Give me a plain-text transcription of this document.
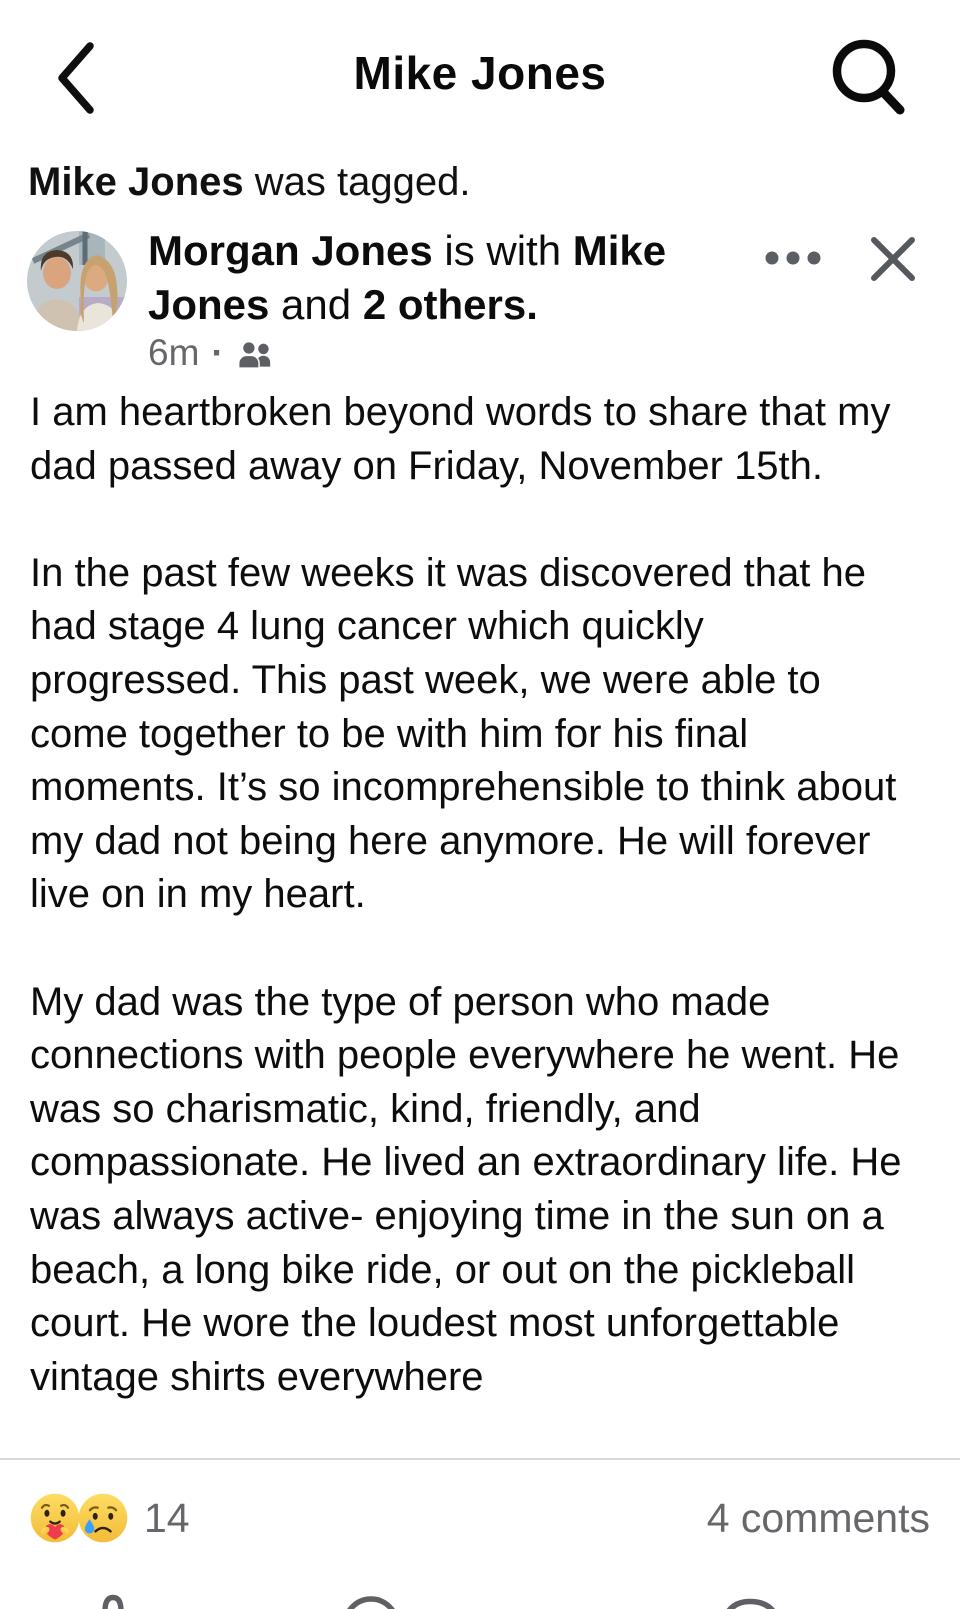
Mike Jones
Mike Jones was tagged.
Morgan Jones is with Mike Jones and 2 others.
6m ·

I am heartbroken beyond words to share that my dad passed away on Friday, November 15th.

In the past few weeks it was discovered that he had stage 4 lung cancer which quickly progressed. This past week, we were able to come together to be with him for his final moments. It’s so incomprehensible to think about my dad not being here anymore. He will forever live on in my heart.

My dad was the type of person who made connections with people everywhere he went. He was so charismatic, kind, friendly, and compassionate. He lived an extraordinary life. He was always active- enjoying time in the sun on a beach, a long bike ride, or out on the pickleball court. He wore the loudest most unforgettable vintage shirts everywhere

14	4 comments
